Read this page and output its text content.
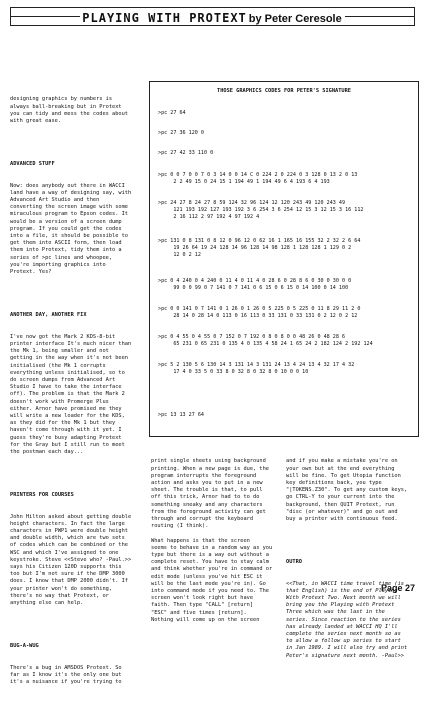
PLAYING WITH PROTEXT by Peter Ceresole

designing graphics by numbers is
always ball-breaking but in Protext
you can tidy and mess the codes about
with great ease.

ADVANCED STUFF

Now: does anybody out there in WACCI
land have a way of designing say, with
Advanced Art Studio and then
converting the screen image with some
miraculous program to Epson codes. It
would be a version of a screen dump
program. If you could get the codes
into a file, it should be possible to
get them into ASCII form, then load
them into Protext, tidy them into a
series of >pc lines and whoopee,
you're importing graphics into
Protext. Yes?

ANOTHER DAY, ANOTHER FIX

I've now got the Mark 2 KDS-8-bit
printer interface It's much nicer than
the Mk 1, being smaller and not
getting in the way when it's not been
initialised (the Mk 1 corrupts
everything unless initialised, so to
do screen dumps from Advanced Art
Studio I have to take the interface
off). The problem is that the Mark 2
doesn't work with Promerge Plus
either. Arnor have promised me they
will write a new loader for the KDS,
as they did for the Mk 1 but they
haven't come through with it yet. I
guess they're busy adapting Protext
for the Gray but I still run to meet
the postman each day...

PRINTERS FOR COURSES

John Hilton asked about getting double
height characters. In fact the large
characters in PWP1 were double height
and double width, which are two sets
of codes which can be combined or the
WSC and which I've assigned to one
keystroke. Steve <<Steve who? -Paul.>>
says his Citizen 120D supports this
too but I'm not sure if the DMP 3000
does. I know that DMP 2000 didn't. If
your printer won't do something,
there's no way that Protext, or
anything else can help.

BUG-A-WUG

There's a bug in AMSDOS Protext. So
far as I know it's the only one but
it's a nuisance if you're trying to

THOSE GRAPHICS CODES FOR PETER'S SIGNATURE
>pc 27 64
>pc 27 36 120 0
>pc 27 42 33 110 0
>pc 0 0 7 0 0 7 0 3 14 0 0 14 C 0 224 2 0 224 0 3 128 0 13 2 0 13
2 2 49 15 0 24 15 1 194 49 1 194 49 6 4 193 6 4 193
>pc 24 27 8 24 27 8 59 124 32 96 124 12 120 243 49 120 243 49
121 193 192 127 193 192 3 6 254 3 6 254 12 15 3 12 15 3 16 112
2 16 112 2 97 192 4 97 192 4
>pc 131 0 8 131 0 8 12 0 96 12 0 62 16 1 165 16 155 32 2 32 2 6 64
19 26 64 19 24 128 14 96 128 14 98 128 1 128 128 1 129 0 2
12 0 2 12
>pc 0 4 240 0 4 240 0 11 4 0 11 4 0 28 6 0 28 8 6 0 30 0 30 0 0
99 0 0 99 0 7 141 0 7 141 0 6 15 0 6 15 0 14 100 0 14 100
>pc 0 0 141 0 7 141 0 1 26 0 1 26 0 5 225 0 5 225 0 11 8 29 11 2 0
28 14 0 28 14 0 113 0 16 113 0 33 131 0 33 131 0 2 12 0 2 12
>pc 0 4 55 0 4 55 0 7 152 0 7 192 0 8 0 8 0 0 48 26 0 48 28 6
65 231 0 65 231 0 135 4 0 135 4 58 24 1 65 24 2 182 124 2 192 124
>pc 5 2 130 5 6 130 14 3 131 14 3 131 24 13 4 24 13 4 32 17 4 32
17 4 0 33 5 0 33 8 0 32 8 0 32 8 0 10 0 0 10
>pc 13 13 27 64

print single sheets using background
printing. When a new page is due, the
program interrupts the foreground
action and asks you to put in a new
sheet. The trouble is that, to pull
off this trick, Arnor had to to do
something sneaky and any characters
from the foreground activity can get
through and corrupt the keyboard
routing (I think).

What happens is that the screen
seems to behave in a random way as you
type but there is a way out without a
complete reset. You have to stay calm
and think whether you're in command or
edit mode (unless you've hit ESC it
will be the last mode you're in). Go
into command mode if you need to. The
screen won't look right but have
faith. Then type "CALL" [return]
"ESC" and five times [return].
Nothing will come up on the screen

and if you make a mistake you're on
your own but at the end everything
will be fine. To get Utopia function
key definitions back, you type
"|TOKENS.Z30". To get any custom keys,
go CTRL-Y to your current into the
background, then QUIT Protext, run
"disc (or whatever)" and go out and
buy a printer with continuous feed.

OUTRO

<<That, in WACCI time travel time (is
that English) is the end of Playing
With Protext Two. Next month we will
bring you the Playing with Protext
Three which was the last in the
series. Since reaction to the series
has already landed at WACCI HQ I'll
complete the series next month so as
to allow a follow up series to start
in Jan 1989. I will also try and print
Peter's signature next month. -Paul>>

Page 27
